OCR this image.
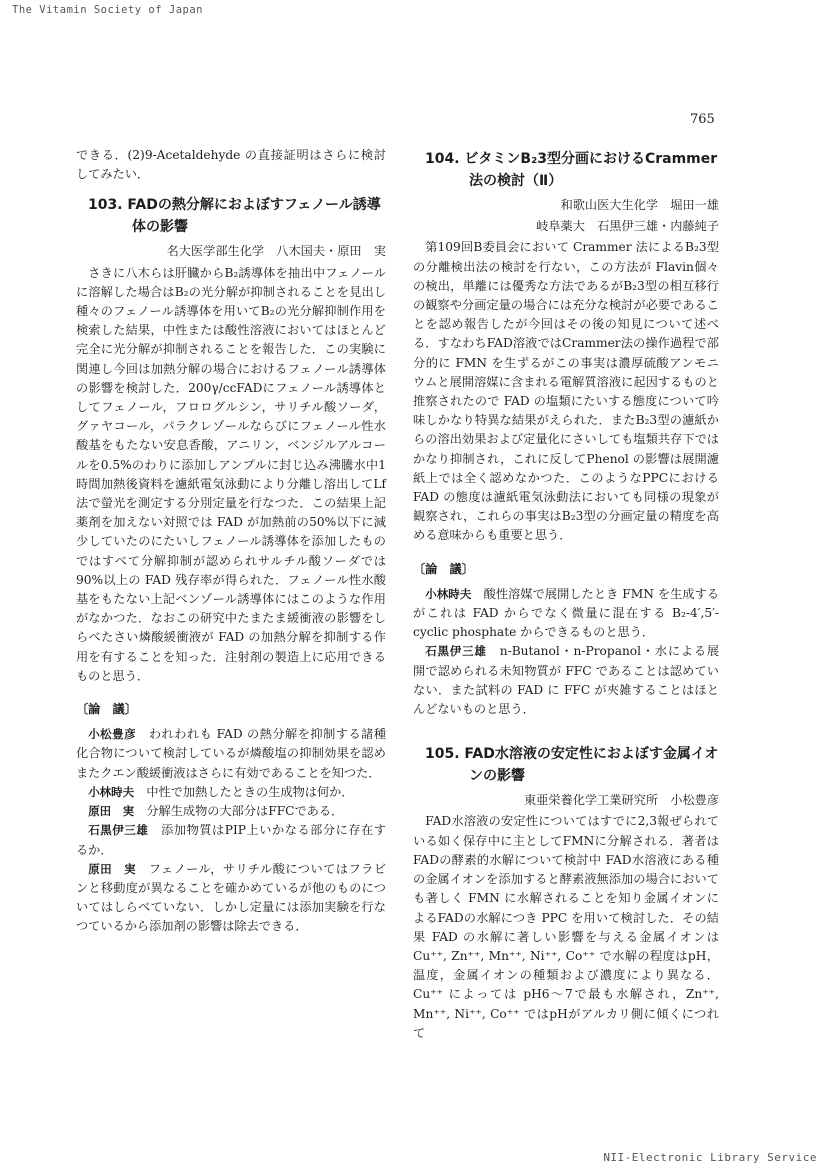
The Vitamin Society of Japan
765

できる．(2)9-Acetaldehyde の直接証明はさらに検討してみたい．

103. FADの熱分解におよぼすフェノール誘導体の影響
名大医学部生化学　八木国夫・原田　実

さきに八木らは肝臓からB₂誘導体を抽出中フェノールに溶解した場合はB₂の光分解が抑制されることを見出し種々のフェノール誘導体を用いてB₂の光分解抑制作用を検索した結果，中性または酸性溶液においてはほとんど完全に光分解が抑制されることを報告した．この実験に関連し今回は加熱分解の場合におけるフェノール誘導体の影響を検討した．200γ/ccFADにフェノール誘導体としてフェノール，フロログルシン，サリチル酸ソーダ，グァヤコール，パラクレゾールならびにフェノール性水酸基をもたない安息香酸，アニリン，ベンジルアルコールを0.5%のわりに添加しアンプルに封じ込み沸騰水中1時間加熱後資料を濾紙電気泳動により分離し溶出してLf法で螢光を測定する分別定量を行なつた．この結果上記薬剤を加えない対照では FAD が加熱前の50%以下に減少していたのにたいしフェノール誘導体を添加したものではすべて分解抑制が認められサルチル酸ソーダでは 90%以上の FAD 残存率が得られた．フェノール性水酸基をもたない上記ベンゾール誘導体にはこのような作用がなかつた．なおこの研究中たまたま緩衝液の影響をしらべたさい燐酸緩衝液が FAD の加熱分解を抑制する作用を有することを知った．注射剤の製造上に応用できるものと思う．

〔論　議〕

小松豊彦　 われわれも FAD の熱分解を抑制する諸種化合物について検討しているが燐酸塩の抑制効果を認めまたクエン酸緩衝液はさらに有効であることを知つた．

小林時夫　 中性で加熱したときの生成物は何か．

原田　実　 分解生成物の大部分はFFCである．

石黒伊三雄　 添加物質はPIP上いかなる部分に存在するか．

原田　実　 フェノール，サリチル酸についてはフラビンと移動度が異なることを確かめているが他のものについてはしらべていない．しかし定量には添加実験を行なつているから添加剤の影響は除去できる．

104. ビタミンB₂3型分画におけるCrammer法の検討（Ⅱ）
和歌山医大生化学　堀田一雄
岐阜薬大　石黒伊三雄・内藤純子

第109回B委員会において Crammer 法によるB₂3型の分離検出法の検討を行ない，この方法が Flavin個々の検出，単離には優秀な方法であるがB₂3型の相互移行の観察や分画定量の場合には充分な検討が必要であることを認め報告したが今回はその後の知見について述べる．すなわちFAD溶液ではCrammer法の操作過程で部分的に FMN を生ずるがこの事実は濃厚硫酸アンモニウムと展開溶媒に含まれる電解質溶液に起因するものと推察されたので FAD の塩類にたいする態度について吟味しかなり特異な結果がえられた．またB₂3型の濾紙からの溶出効果および定量化にさいしても塩類共存下ではかなり抑制され，これに反してPhenol の影響は展開濾紙上では全く認めなかつた．このようなPPCにおける FAD の態度は濾紙電気泳動法においても同様の現象が観察され，これらの事実はB₂3型の分画定量の精度を高める意味からも重要と思う．

〔論　議〕

小林時夫　 酸性溶媒で展開したとき FMN を生成するがこれは FAD からでなく微量に混在する B₂-4′,5′-cyclic phosphate からできるものと思う．

石黒伊三雄　 n-Butanol・n-Propanol・水による展開で認められる未知物質が FFC であることは認めていない．また試料の FAD に FFC が夾雑することはほとんどないものと思う．

105. FAD水溶液の安定性におよぼす金属イオンの影響
東亜栄養化学工業研究所　小松豊彦

FAD水溶液の安定性についてはすでに2,3報ぜられている如く保存中に主としてFMNに分解される．著者はFADの酵素的水解について検討中 FAD水溶液にある種の金属イオンを添加すると酵素液無添加の場合においても著しく FMN に水解されることを知り金属イオンによるFADの水解につき PPC を用いて検討した．その結果 FAD の水解に著しい影響を与える金属イオンは Cu⁺⁺, Zn⁺⁺, Mn⁺⁺, Ni⁺⁺, Co⁺⁺ で水解の程度はpH，温度，金属イオンの種類および濃度により異なる．Cu⁺⁺ によっては pH6～7で最も水解され，Zn⁺⁺, Mn⁺⁺, Ni⁺⁺, Co⁺⁺ ではpHがアルカリ側に傾くにつれて

NII-Electronic Library Service
